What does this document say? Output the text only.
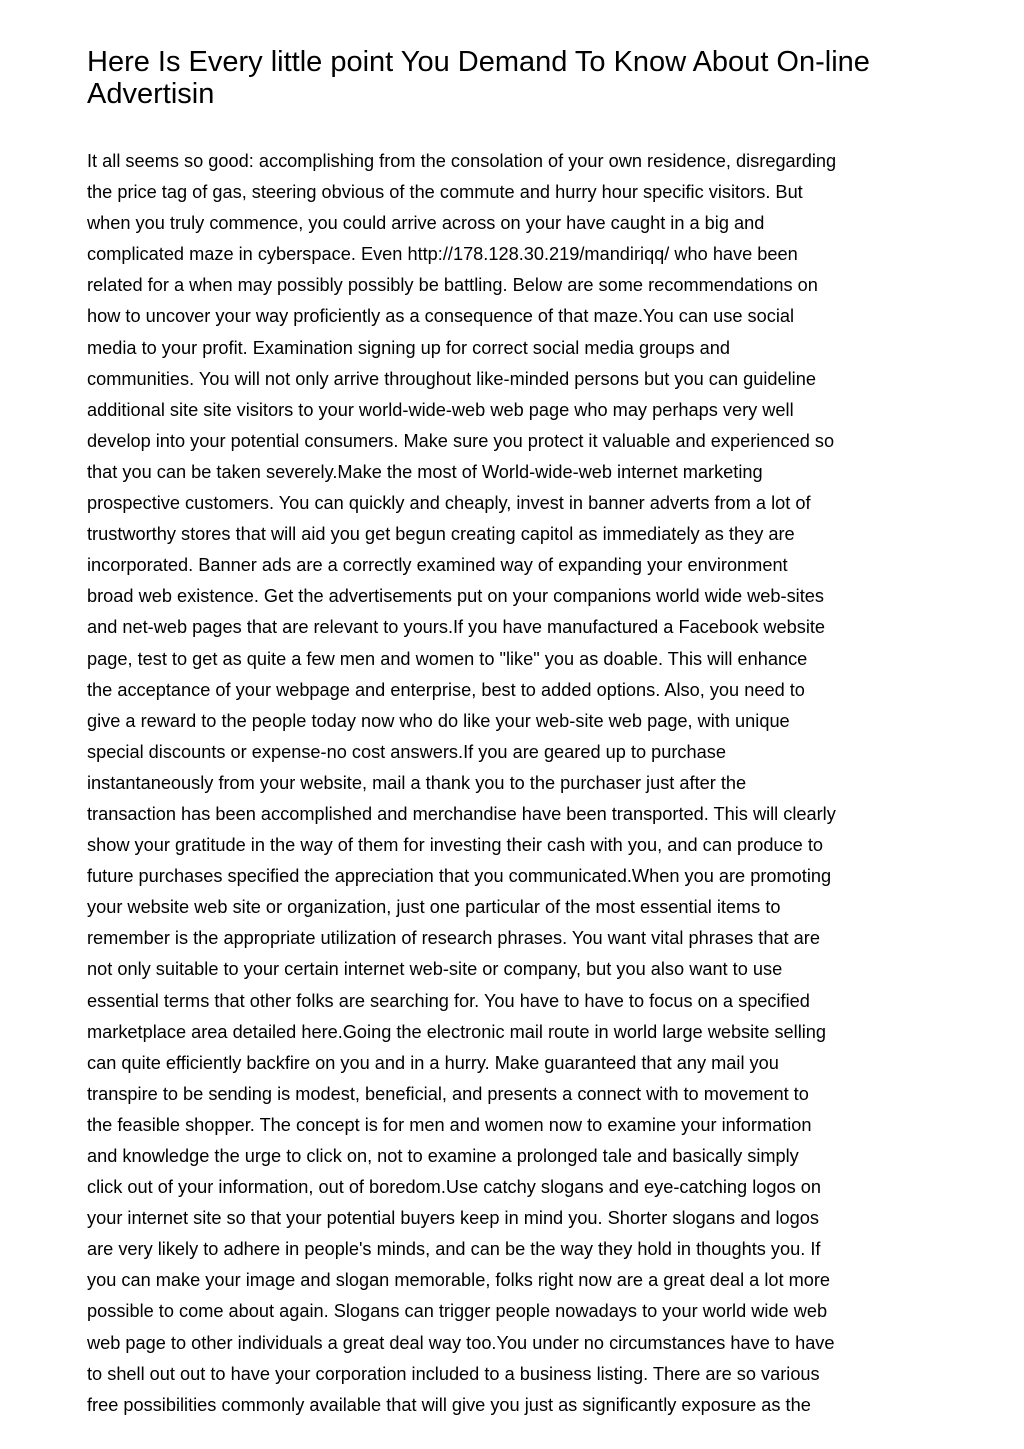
Here Is Every little point You Demand To Know About On-line Advertisin
It all seems so good: accomplishing from the consolation of your own residence, disregarding
the price tag of gas, steering obvious of the commute and hurry hour specific visitors. But
when you truly commence, you could arrive across on your have caught in a big and
complicated maze in cyberspace. Even http://178.128.30.219/mandiriqq/ who have been
related for a when may possibly possibly be battling. Below are some recommendations on
how to uncover your way proficiently as a consequence of that maze.You can use social
media to your profit. Examination signing up for correct social media groups and
communities. You will not only arrive throughout like-minded persons but you can guideline
additional site site visitors to your world-wide-web web page who may perhaps very well
develop into your potential consumers. Make sure you protect it valuable and experienced so
that you can be taken severely.Make the most of World-wide-web internet marketing
prospective customers. You can quickly and cheaply, invest in banner adverts from a lot of
trustworthy stores that will aid you get begun creating capitol as immediately as they are
incorporated. Banner ads are a correctly examined way of expanding your environment
broad web existence. Get the advertisements put on your companions world wide web-sites
and net-web pages that are relevant to yours.If you have manufactured a Facebook website
page, test to get as quite a few men and women to "like" you as doable. This will enhance
the acceptance of your webpage and enterprise, best to added options. Also, you need to
give a reward to the people today now who do like your web-site web page, with unique
special discounts or expense-no cost answers.If you are geared up to purchase
instantaneously from your website, mail a thank you to the purchaser just after the
transaction has been accomplished and merchandise have been transported. This will clearly
show your gratitude in the way of them for investing their cash with you, and can produce to
future purchases specified the appreciation that you communicated.When you are promoting
your website web site or organization, just one particular of the most essential items to
remember is the appropriate utilization of research phrases. You want vital phrases that are
not only suitable to your certain internet web-site or company, but you also want to use
essential terms that other folks are searching for. You have to have to focus on a specified
marketplace area detailed here.Going the electronic mail route in world large website selling
can quite efficiently backfire on you and in a hurry. Make guaranteed that any mail you
transpire to be sending is modest, beneficial, and presents a connect with to movement to
the feasible shopper. The concept is for men and women now to examine your information
and knowledge the urge to click on, not to examine a prolonged tale and basically simply
click out of your information, out of boredom.Use catchy slogans and eye-catching logos on
your internet site so that your potential buyers keep in mind you. Shorter slogans and logos
are very likely to adhere in people's minds, and can be the way they hold in thoughts you. If
you can make your image and slogan memorable, folks right now are a great deal a lot more
possible to come about again. Slogans can trigger people nowadays to your world wide web
web page to other individuals a great deal way too.You under no circumstances have to have
to shell out out to have your corporation included to a business listing. There are so various
free possibilities commonly available that will give you just as significantly exposure as the
